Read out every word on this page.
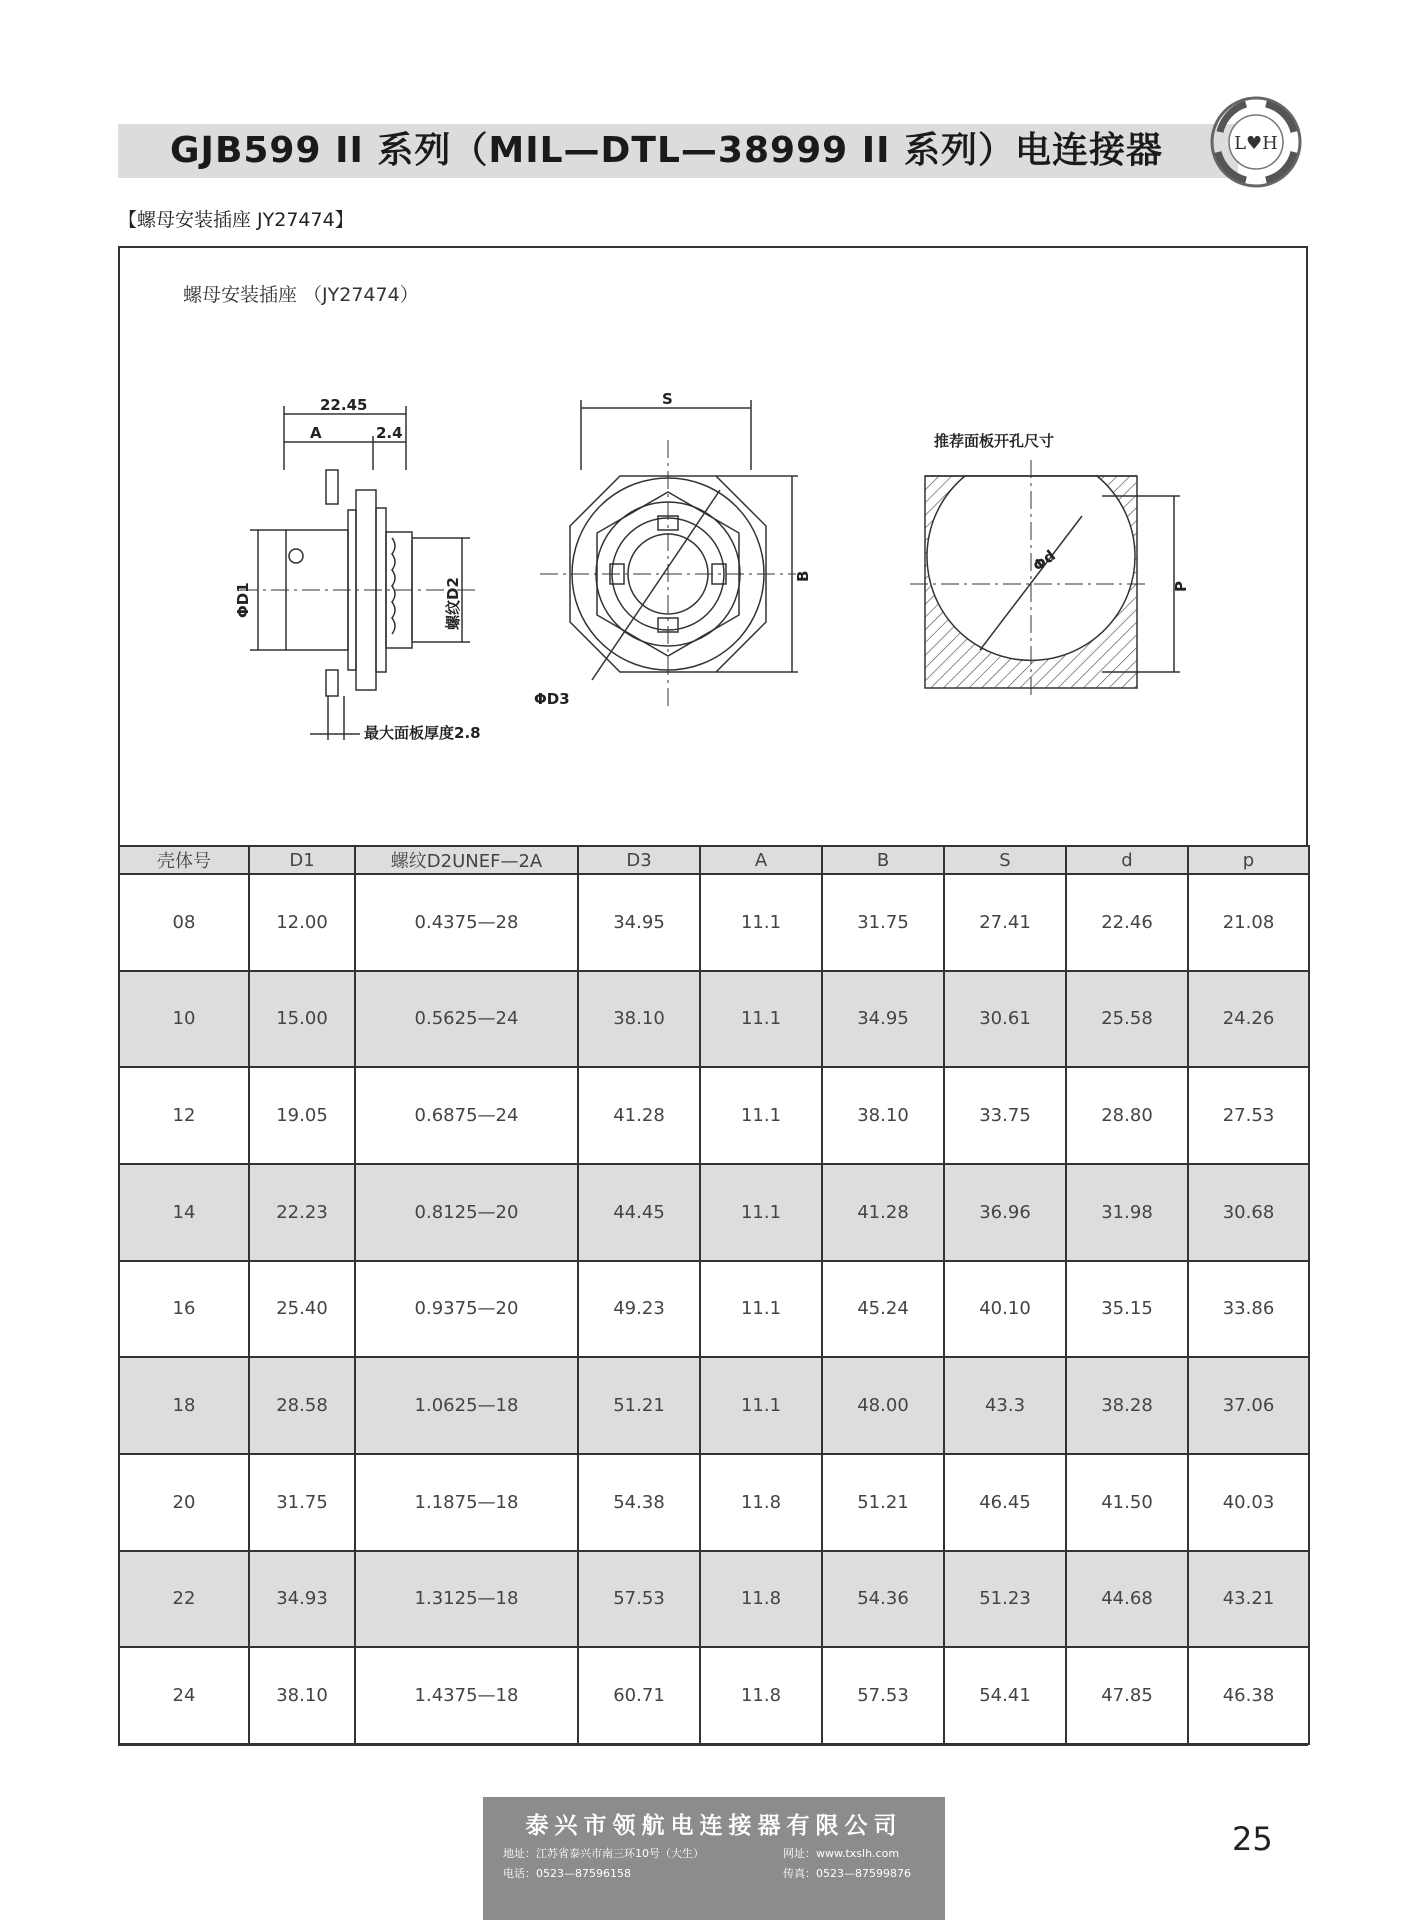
GJB599 II 系列（MIL—DTL—38999 II 系列）电连接器	L♥H
【螺母安装插座 JY27474】
螺母安装插座 （JY27474）
22.45
A	2.4
ΦD1	螺纹D2
最大面板厚度2.8
S
B
ΦD3
推荐面板开孔尺寸
Φd
P
壳体号	D1	螺纹D2UNEF—2A	D3	A	B	S	d	p
08	12.00	0.4375—28	34.95	11.1	31.75	27.41	22.46	21.08
10	15.00	0.5625—24	38.10	11.1	34.95	30.61	25.58	24.26
12	19.05	0.6875—24	41.28	11.1	38.10	33.75	28.80	27.53
14	22.23	0.8125—20	44.45	11.1	41.28	36.96	31.98	30.68
16	25.40	0.9375—20	49.23	11.1	45.24	40.10	35.15	33.86
18	28.58	1.0625—18	51.21	11.1	48.00	43.3	38.28	37.06
20	31.75	1.1875—18	54.38	11.8	51.21	46.45	41.50	40.03
22	34.93	1.3125—18	57.53	11.8	54.36	51.23	44.68	43.21
24	38.10	1.4375—18	60.71	11.8	57.53	54.41	47.85	46.38
泰兴市领航电连接器有限公司
地址：江苏省泰兴市南三环10号（大生）	网址：www.txslh.com
电话：0523—87596158	传真：0523—87599876
25
